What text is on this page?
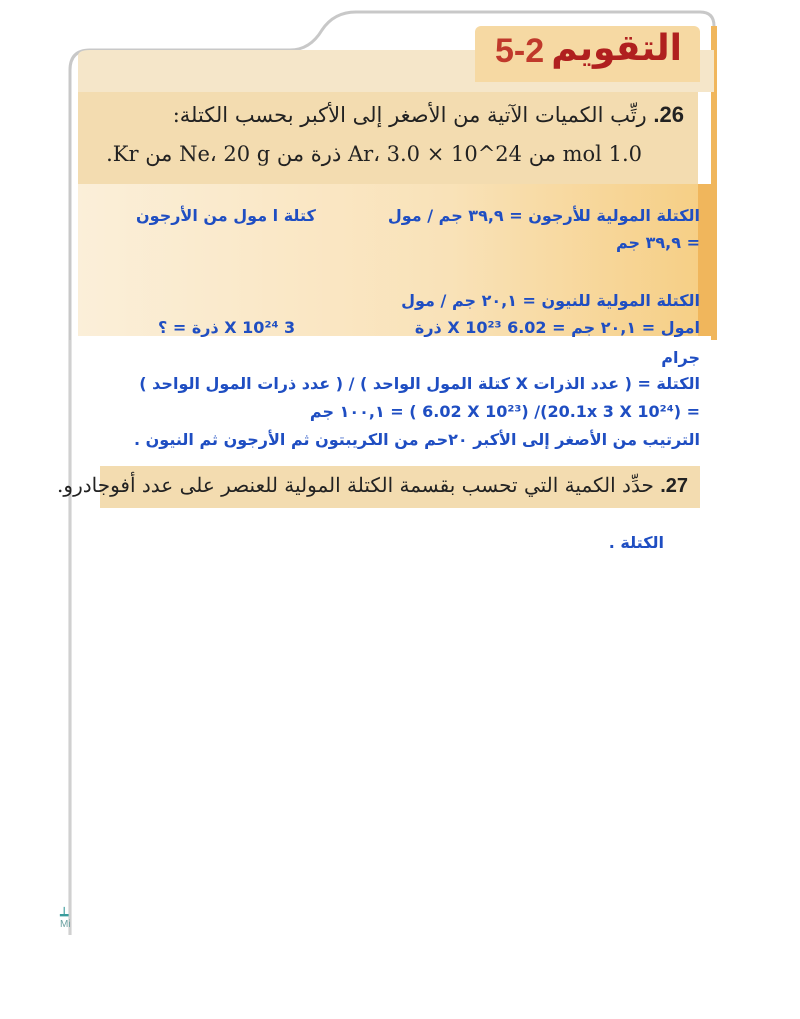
5-2 التقويم
26. رتِّب الكميات الآتية من الأصغر إلى الأكبر بحسب الكتلة:
1.0 mol من Ar، 3.0 × 10^24 ذرة من Ne، 20 g من Kr.
الكتلة المولية للأرجون = ٣٩,٩ جم / مول
كتلة ا مول من الأرجون
= ٣٩,٩ جم
الكتلة المولية للنيون = ٢٠,١ جم / مول
امول = ٢٠,١ جم = 6.02 X 10²³ ذرة
3 X 10²⁴ ذرة = ؟
جرام
الكتلة = ( عدد الذرات X كتلة المول الواحد ) / ( عدد ذرات المول الواحد )
= (20.1x 3 X 10²⁴)/ (6.02 X 10²³ ) = ١٠٠,١ جم
الترتيب من الأصغر إلى الأكبر ٢٠حم من الكريبتون ثم الأرجون ثم النيون .
27. حدِّد الكمية التي تحسب بقسمة الكتلة المولية للعنصر على عدد أفوجادرو.
الكتلة .
┷
Mi
